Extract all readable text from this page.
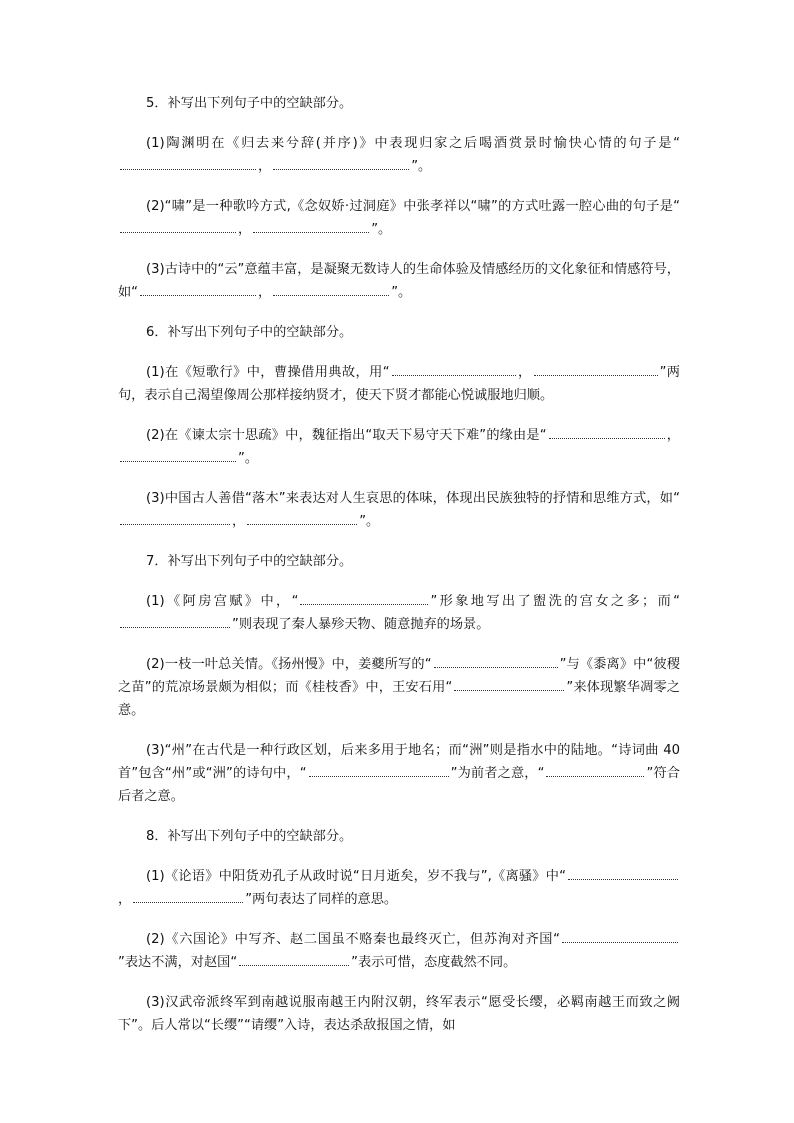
5．补写出下列句子中的空缺部分。
(1)陶渊明在《归去来兮辞(并序)》中表现归家之后喝酒赏景时愉快心情的句子是“，	”。
(2)“啸”是一种歌吟方式,《念奴娇·过洞庭》中张孝祥以“啸”的方式吐露一腔心曲的句子是“，	”。
(3)古诗中的“云”意蕴丰富，是凝聚无数诗人的生命体验及情感经历的文化象征和情感符号，如“	，	”。
6．补写出下列句子中的空缺部分。
(1)在《短歌行》中，曹操借用典故，用“	，	”两句，表示自己渴望像周公那样接纳贤才，使天下贤才都能心悦诚服地归顺。
(2)在《谏太宗十思疏》中，魏征指出“取天下易守天下难”的缘由是“	，”。
(3)中国古人善借“落木”来表达对人生哀思的体味，体现出民族独特的抒情和思维方式，如“，	”。
7．补写出下列句子中的空缺部分。
(1)《阿房宫赋》中，“	”形象地写出了盥洗的宫女之多；而“”则表现了秦人暴殄天物、随意抛弃的场景。
(2)一枝一叶总关情。《扬州慢》中，姜夔所写的“	”与《黍离》中“彼稷之苗”的荒凉场景颇为相似；而《桂枝香》中，王安石用“	”来体现繁华凋零之意。
(3)“州”在古代是一种行政区划，后来多用于地名；而“洲”则是指水中的陆地。“诗词曲 40 首”包含“州”或“洲”的诗句中，“	”为前者之意，“	”符合后者之意。
8．补写出下列句子中的空缺部分。
(1)《论语》中阳货劝孔子从政时说“日月逝矣，岁不我与”,《离骚》中“，	”两句表达了同样的意思。
(2)《六国论》中写齐、赵二国虽不赂秦也最终灭亡，但苏洵对齐国“”表达不满，对赵国“	”表示可惜，态度截然不同。
(3)汉武帝派终军到南越说服南越王内附汉朝，终军表示“愿受长缨，必羁南越王而致之阙下”。后人常以“长缨”“请缨”入诗，表达杀敌报国之情，如
